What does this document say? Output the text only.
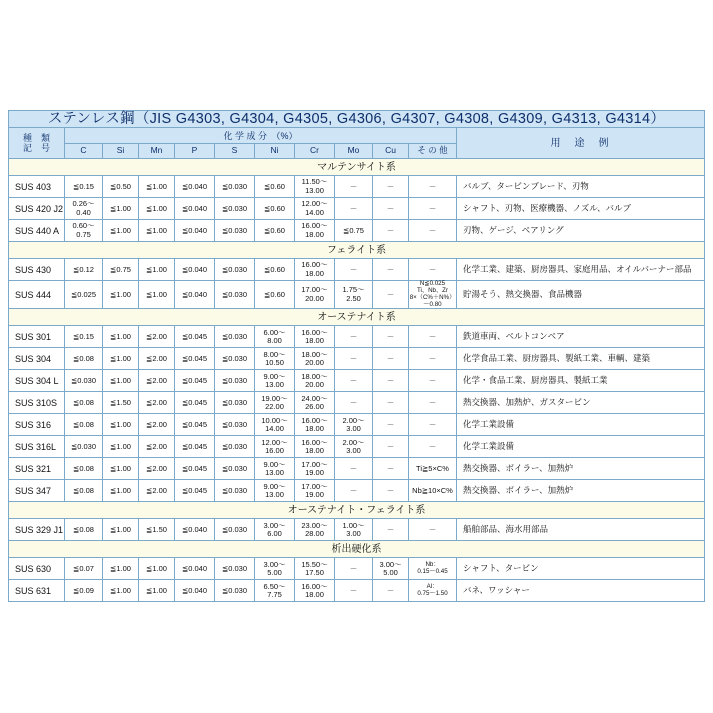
ステンレス鋼（JIS G4303, G4304, G4305, G4306, G4307, G4308, G4309, G4313, G4314）											

種　類
記　号	化 学 成 分　（%）										用　途　例
	C	Si	Mn	P	S	Ni	Cr	Mo	Cu	そ の 他	
マルテンサイト系											
SUS 403	≦0.15	≦0.50	≦1.00	≦0.040	≦0.030	≦0.60	11.50～
13.00	－	－	－	バルブ、タービンブレード、刃物
SUS 420 J2	0.26～
0.40	≦1.00	≦1.00	≦0.040	≦0.030	≦0.60	12.00～
14.00	－	－	－	シャフト、刃物、医療機器、ノズル、バルブ
SUS 440 A	0.60～
0.75	≦1.00	≦1.00	≦0.040	≦0.030	≦0.60	16.00～
18.00	≦0.75	－	－	刃物、ゲージ、ベアリング
フェライト系											
SUS 430	≦0.12	≦0.75	≦1.00	≦0.040	≦0.030	≦0.60	16.00～
18.00	－	－	－	化学工業、建築、厨房器具、家庭用品、オイルバーナー部品
SUS 444	≦0.025	≦1.00	≦1.00	≦0.040	≦0.030	≦0.60	17.00～
20.00	1.75～
2.50	－	N≦0.025
Ti、Nb、Zr
8×（C%＋N%）～0.80	貯湯そう、熱交換器、食品機器
オーステナイト系											
SUS 301	≦0.15	≦1.00	≦2.00	≦0.045	≦0.030	6.00～
8.00	16.00～
18.00	－	－	－	鉄道車両、ベルトコンベア
SUS 304	≦0.08	≦1.00	≦2.00	≦0.045	≦0.030	8.00～
10.50	18.00～
20.00	－	－	－	化学食品工業、厨房器具、製紙工業、車輌、建築
SUS 304 L	≦0.030	≦1.00	≦2.00	≦0.045	≦0.030	9.00～
13.00	18.00～
20.00	－	－	－	化学・食品工業、厨房器具、製紙工業
SUS 310S	≦0.08	≦1.50	≦2.00	≦0.045	≦0.030	19.00～
22.00	24.00～
26.00	－	－	－	熱交換器、加熱炉、ガスタービン
SUS 316	≦0.08	≦1.00	≦2.00	≦0.045	≦0.030	10.00～
14.00	16.00～
18.00	2.00～
3.00	－	－	化学工業設備
SUS 316L	≦0.030	≦1.00	≦2.00	≦0.045	≦0.030	12.00～
16.00	16.00～
18.00	2.00～
3.00	－	－	化学工業設備
SUS 321	≦0.08	≦1.00	≦2.00	≦0.045	≦0.030	9.00～
13.00	17.00～
19.00	－	－	Ti≧5×C%	熱交換器、ボイラー、加熱炉
SUS 347	≦0.08	≦1.00	≦2.00	≦0.045	≦0.030	9.00～
13.00	17.00～
19.00	－	－	Nb≧10×C%	熱交換器、ボイラー、加熱炉
オーステナイト・フェライト系											
SUS 329 J1	≦0.08	≦1.00	≦1.50	≦0.040	≦0.030	3.00～
6.00	23.00～
28.00	1.00～
3.00	－	－	船舶部品、海水用部品
析出硬化系											
SUS 630	≦0.07	≦1.00	≦1.00	≦0.040	≦0.030	3.00～
5.00	15.50～
17.50	－	3.00～
5.00	Nb：
0.15～0.45	シャフト、タービン
SUS 631	≦0.09	≦1.00	≦1.00	≦0.040	≦0.030	6.50～
7.75	16.00～
18.00	－	－	Al：
0.75～1.50	バネ、ワッシャー
